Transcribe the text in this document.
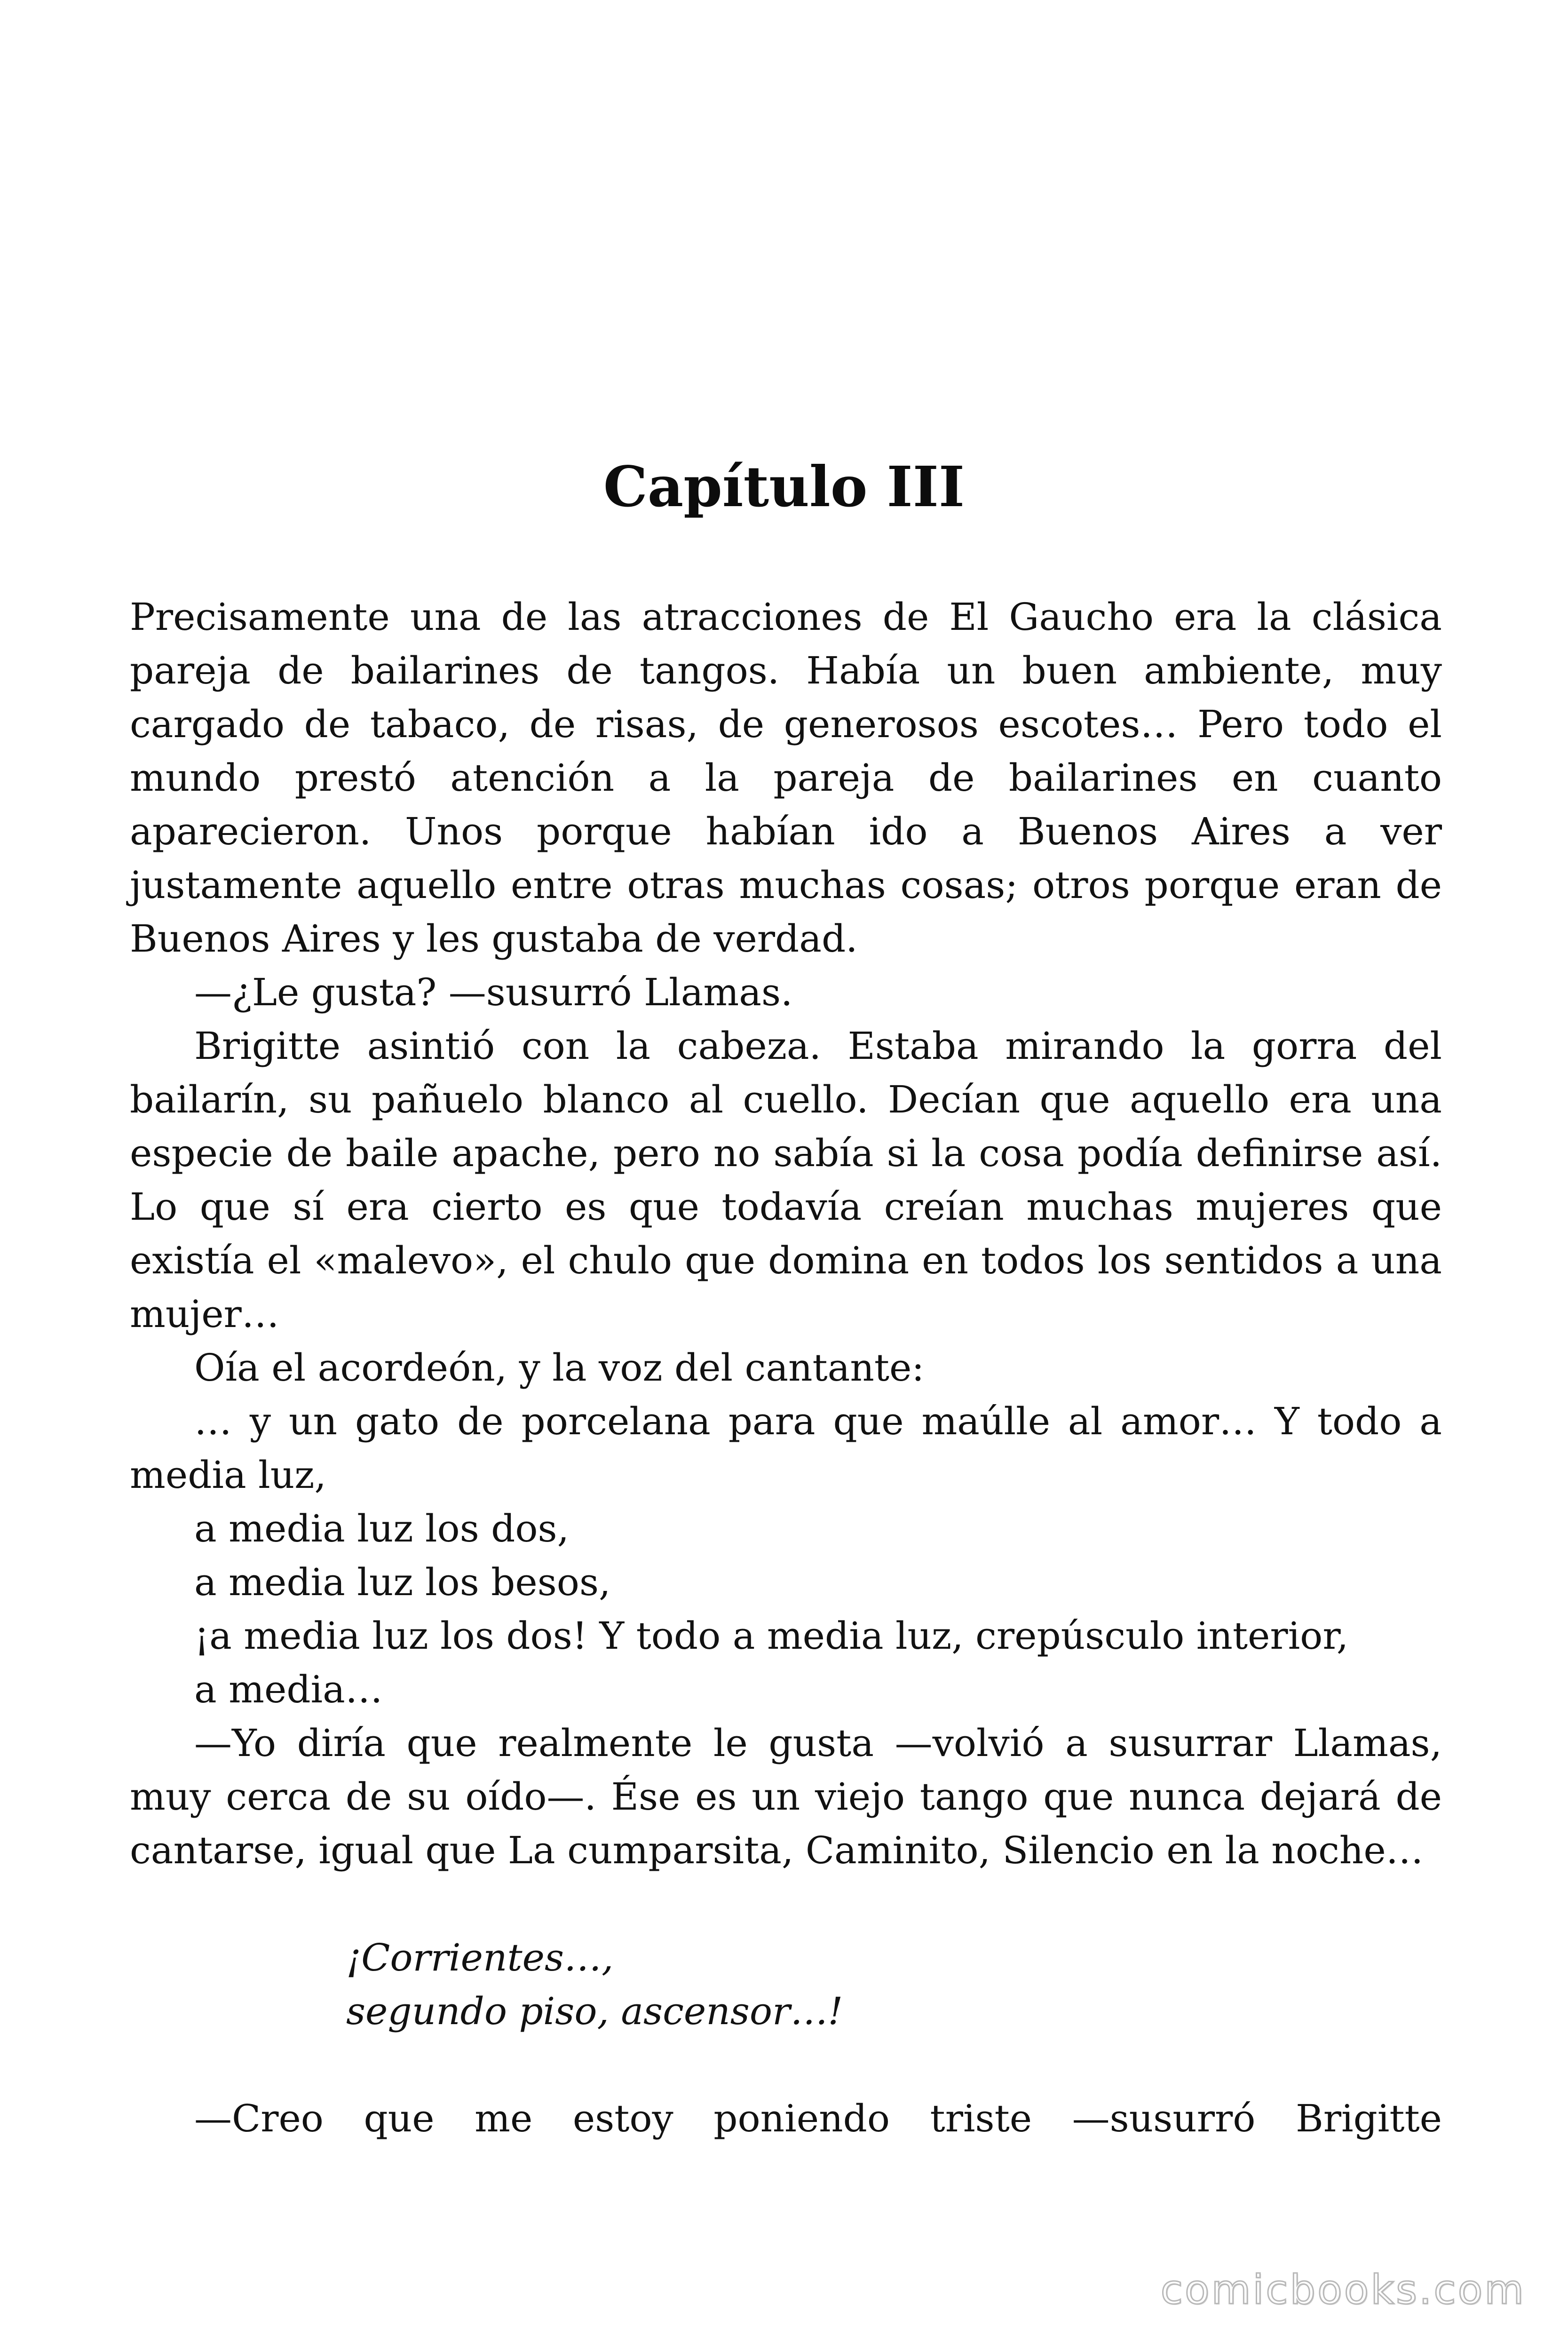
Capítulo III

Precisamente una de las atracciones de El Gaucho era la clásica pareja de bailarines de tangos. Había un buen ambiente, muy cargado de tabaco, de risas, de generosos escotes… Pero todo el mundo prestó atención a la pareja de bailarines en cuanto aparecieron. Unos porque habían ido a Buenos Aires a ver justamente aquello entre otras muchas cosas; otros porque eran de Buenos Aires y les gustaba de verdad.

—¿Le gusta? —susurró Llamas.

Brigitte asintió con la cabeza. Estaba mirando la gorra del bailarín, su pañuelo blanco al cuello. Decían que aquello era una especie de baile apache, pero no sabía si la cosa podía definirse así. Lo que sí era cierto es que todavía creían muchas mujeres que existía el «malevo», el chulo que domina en todos los sentidos a una mujer…

Oía el acordeón, y la voz del cantante:

… y un gato de porcelana para que maúlle al amor… Y todo a media luz,

a media luz los dos,

a media luz los besos,

¡a media luz los dos! Y todo a media luz, crepúsculo interior,

a media…

—Yo diría que realmente le gusta —volvió a susurrar Llamas, muy cerca de su oído—. Ése es un viejo tango que nunca dejará de cantarse, igual que La cumparsita, Caminito, Silencio en la noche…

¡Corrientes…,

segundo piso, ascensor…!

—Creo que me estoy poniendo triste —susurró Brigitte

comicbooks.com
